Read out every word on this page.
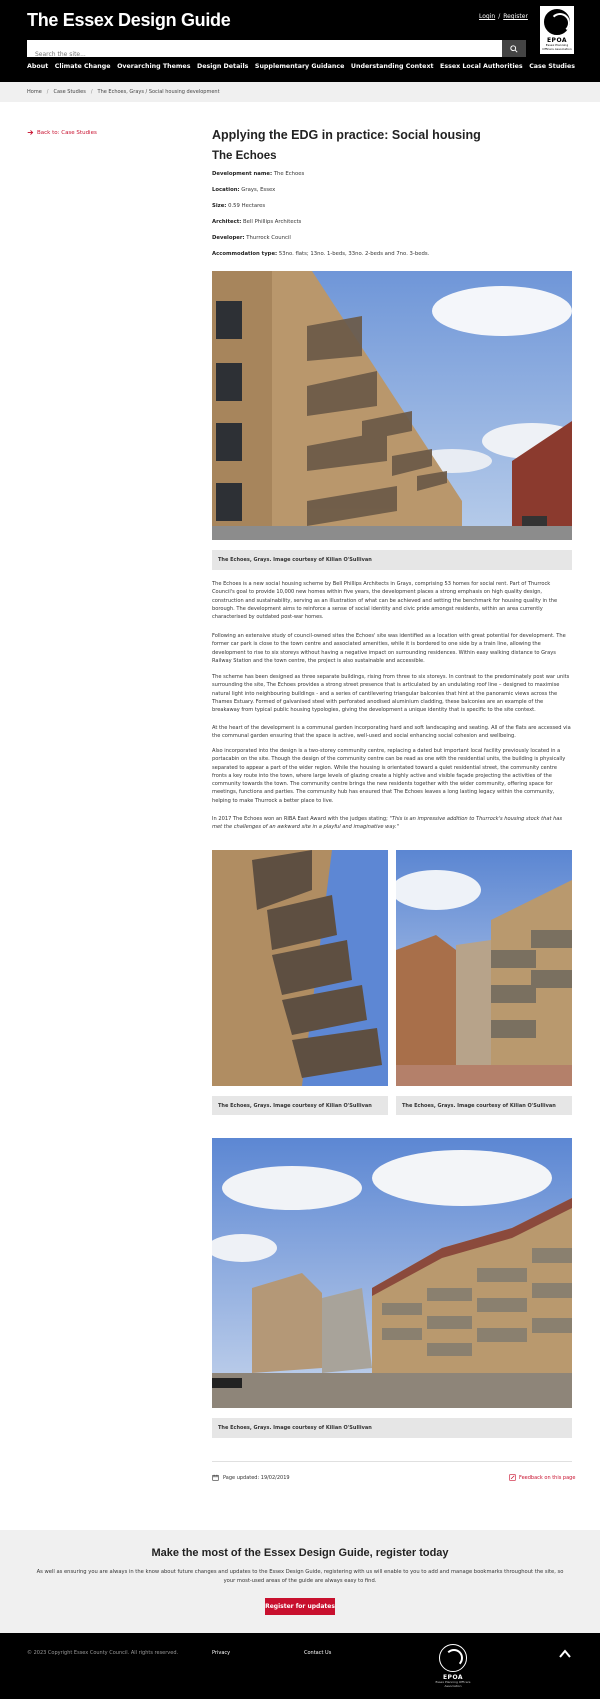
The Essex Design Guide	Login / Register
EPOA
Essex Planning Officers Association
Search the site...
About Climate Change Overarching Themes Design Details Supplementary Guidance Understanding Context Essex Local Authorities Case Studies
Home / Case Studies / The Echoes, Grays / Social housing development
Back to: Case Studies	Applying the EDG in practice: Social housing
The Echoes
Development name: The Echoes
Location: Grays, Essex
Size: 0.59 Hectares
Architect: Bell Phillips Architects
Developer: Thurrock Council
Accommodation type: 53no. flats; 13no. 1-beds, 33no. 2-beds and 7no. 3-beds.
The Echoes, Grays. Image courtesy of Kilian O'Sullivan
The Echoes is a new social housing scheme by Bell Phillips Architects in Grays, comprising 53 homes for social rent. Part of Thurrock Council's goal to provide 10,000 new homes within five years, the development places a strong emphasis on high quality design, construction and sustainability, serving as an illustration of what can be achieved and setting the benchmark for housing quality in the borough. The development aims to reinforce a sense of social identity and civic pride amongst residents, within an area currently characterised by outdated post-war homes.
Following an extensive study of council-owned sites the Echoes' site was identified as a location with great potential for development. The former car park is close to the town centre and associated amenities, while it is bordered to one side by a train line, allowing the development to rise to six storeys without having a negative impact on surrounding residences. Within easy walking distance to Grays Railway Station and the town centre, the project is also sustainable and accessible.
The scheme has been designed as three separate buildings, rising from three to six storeys. In contrast to the predominately post war units surrounding the site, The Echoes provides a strong street presence that is articulated by an undulating roof line – designed to maximise natural light into neighbouring buildings - and a series of cantilevering triangular balconies that hint at the panoramic views across the Thames Estuary. Formed of galvanised steel with perforated anodised aluminium cladding, these balconies are an example of the breakaway from typical public housing typologies, giving the development a unique identity that is specific to the site context.
At the heart of the development is a communal garden incorporating hard and soft landscaping and seating. All of the flats are accessed via the communal garden ensuring that the space is active, well-used and social enhancing social cohesion and wellbeing.
Also incorporated into the design is a two-storey community centre, replacing a dated but important local facility previously located in a portacabin on the site. Though the design of the community centre can be read as one with the residential units, the building is physically separated to appear a part of the wider region. While the housing is orientated toward a quiet residential street, the community centre fronts a key route into the town, where large levels of glazing create a highly active and visible façade projecting the activities of the community towards the town. The community centre brings the new residents together with the wider community, offering space for meetings, functions and parties. The community hub has ensured that The Echoes leaves a long lasting legacy within the community, helping to make Thurrock a better place to live.
In 2017 The Echoes won an RIBA East Award with the judges stating; "This is an impressive addition to Thurrock's housing stock that has met the challenges of an awkward site in a playful and imaginative way."
The Echoes, Grays. Image courtesy of Kilian O'Sullivan	The Echoes, Grays. Image courtesy of Kilian O'Sullivan
The Echoes, Grays. Image courtesy of Kilian O'Sullivan
Page updated: 19/02/2019	Feedback on this page
Make the most of the Essex Design Guide, register today
As well as ensuring you are always in the know about future changes and updates to the Essex Design Guide, registering with us will enable to you to add and manage bookmarks throughout the site, so your most-used areas of the guide are always easy to find.
Register for updates
© 2023 Copyright Essex County Council. All rights reserved.	Privacy	Contact Us
EPOA
Essex Planning Officers Association
